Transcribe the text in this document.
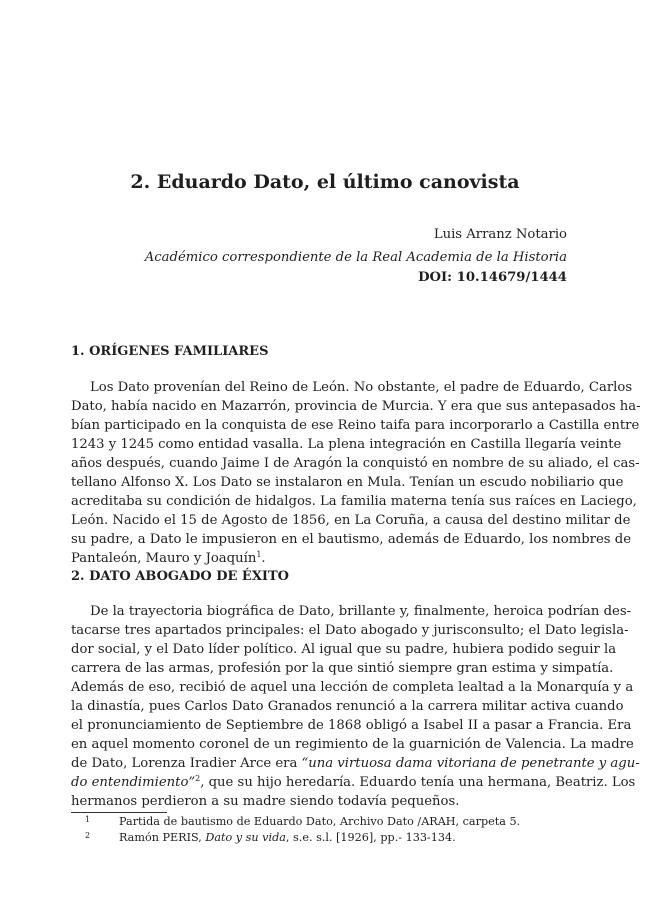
2. Eduardo Dato, el último canovista
Luis Arranz Notario
Académico correspondiente de la Real Academia de la Historia
DOI: 10.14679/1444
1. ORÍGENES FAMILIARES
Los Dato provenían del Reino de León. No obstante, el padre de Eduardo, Carlos
Dato, había nacido en Mazarrón, provincia de Murcia. Y era que sus antepasados ha-
bían participado en la conquista de ese Reino taifa para incorporarlo a Castilla entre
1243 y 1245 como entidad vasalla. La plena integración en Castilla llegaría veinte
años después, cuando Jaime I de Aragón la conquistó en nombre de su aliado, el cas-
tellano Alfonso X. Los Dato se instalaron en Mula. Tenían un escudo nobiliario que
acreditaba su condición de hidalgos. La familia materna tenía sus raíces en Laciego,
León. Nacido el 15 de Agosto de 1856, en La Coruña, a causa del destino militar de
su padre, a Dato le impusieron en el bautismo, además de Eduardo, los nombres de
Pantaleón, Mauro y Joaquín$^1$.
2. DATO ABOGADO DE ÉXITO
De la trayectoria biográfica de Dato, brillante y, finalmente, heroica podrían des-
tacarse tres apartados principales: el Dato abogado y jurisconsulto; el Dato legisla-
dor social, y el Dato líder político. Al igual que su padre, hubiera podido seguir la
carrera de las armas, profesión por la que sintió siempre gran estima y simpatía.
Además de eso, recibió de aquel una lección de completa lealtad a la Monarquía y a
la dinastía, pues Carlos Dato Granados renunció a la carrera militar activa cuando
el pronunciamiento de Septiembre de 1868 obligó a Isabel II a pasar a Francia. Era
en aquel momento coronel de un regimiento de la guarnición de Valencia. La madre
de Dato, Lorenza Iradier Arce era “una virtuosa dama vitoriana de penetrante y agu-
do entendimiento”$^2$, que su hijo heredaría. Eduardo tenía una hermana, Beatriz. Los
hermanos perdieron a su madre siendo todavía pequeños.
1	Partida de bautismo de Eduardo Dato, Archivo Dato /ARAH, carpeta 5.
2	Ramón PERIS, Dato y su vida, s.e. s.l. [1926], pp.- 133-134.
